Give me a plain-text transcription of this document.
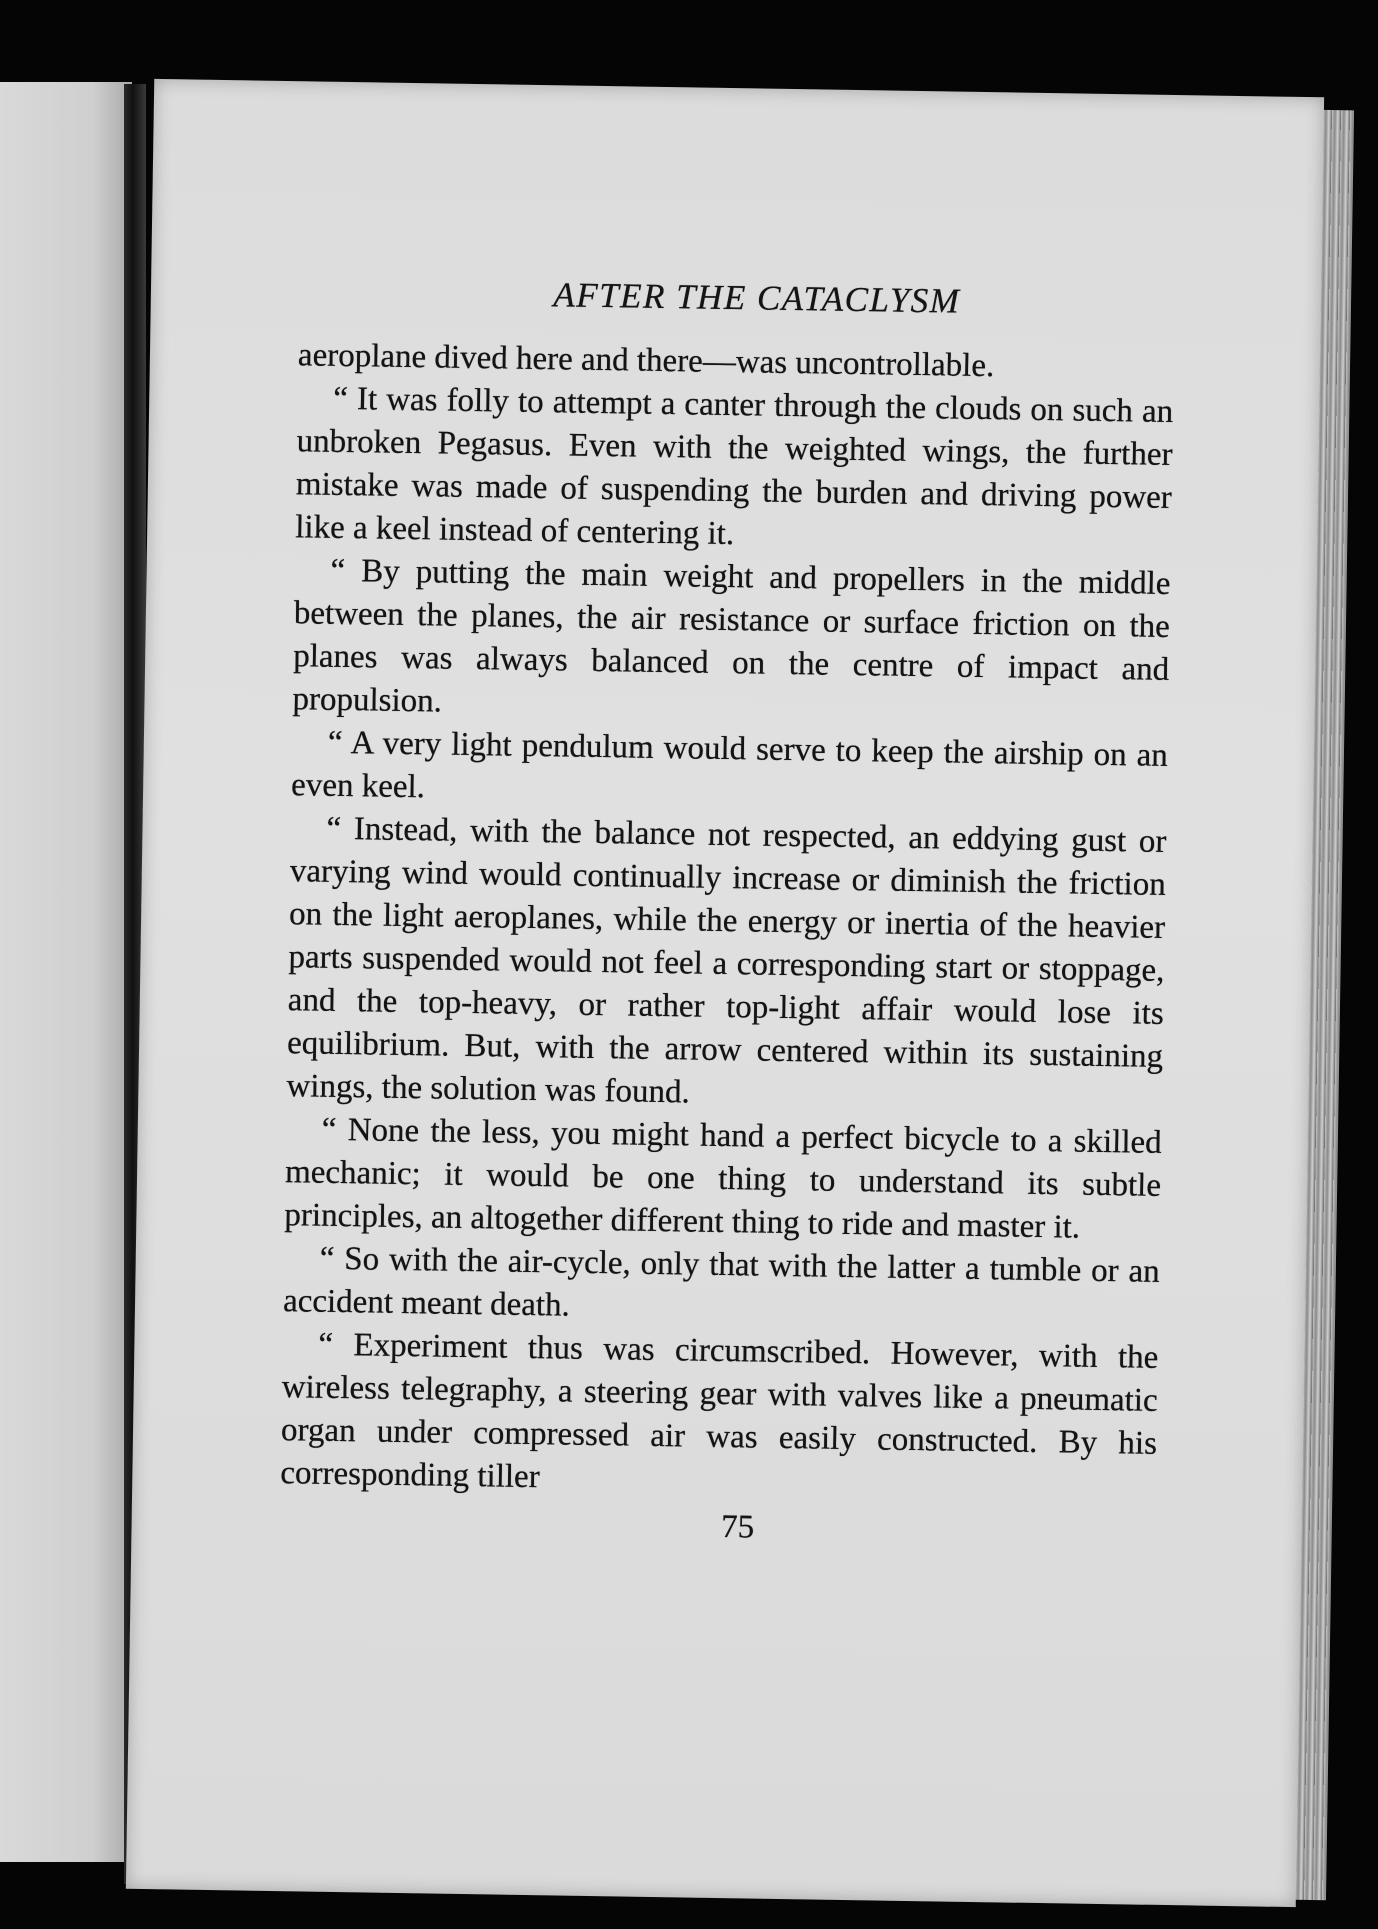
AFTER THE CATACLYSM

aeroplane dived here and there—was uncontrollable.

“ It was folly to attempt a canter through the clouds on such an unbroken Pegasus. Even with the weighted wings, the further mistake was made of suspending the burden and driving power like a keel instead of centering it.

“ By putting the main weight and propellers in the middle between the planes, the air resistance or surface friction on the planes was always balanced on the centre of impact and propulsion.

“ A very light pendulum would serve to keep the airship on an even keel.

“ Instead, with the balance not respected, an eddying gust or varying wind would continually increase or diminish the friction on the light aeroplanes, while the energy or inertia of the heavier parts suspended would not feel a corresponding start or stoppage, and the top-heavy, or rather top-light affair would lose its equilibrium. But, with the arrow centered within its sustaining wings, the solution was found.

“ None the less, you might hand a perfect bicycle to a skilled mechanic; it would be one thing to understand its subtle principles, an altogether different thing to ride and master it.

“ So with the air-cycle, only that with the latter a tumble or an accident meant death.

“ Experiment thus was circumscribed. However, with the wireless telegraphy, a steering gear with valves like a pneumatic organ under compressed air was easily constructed. By his corresponding tiller

75
